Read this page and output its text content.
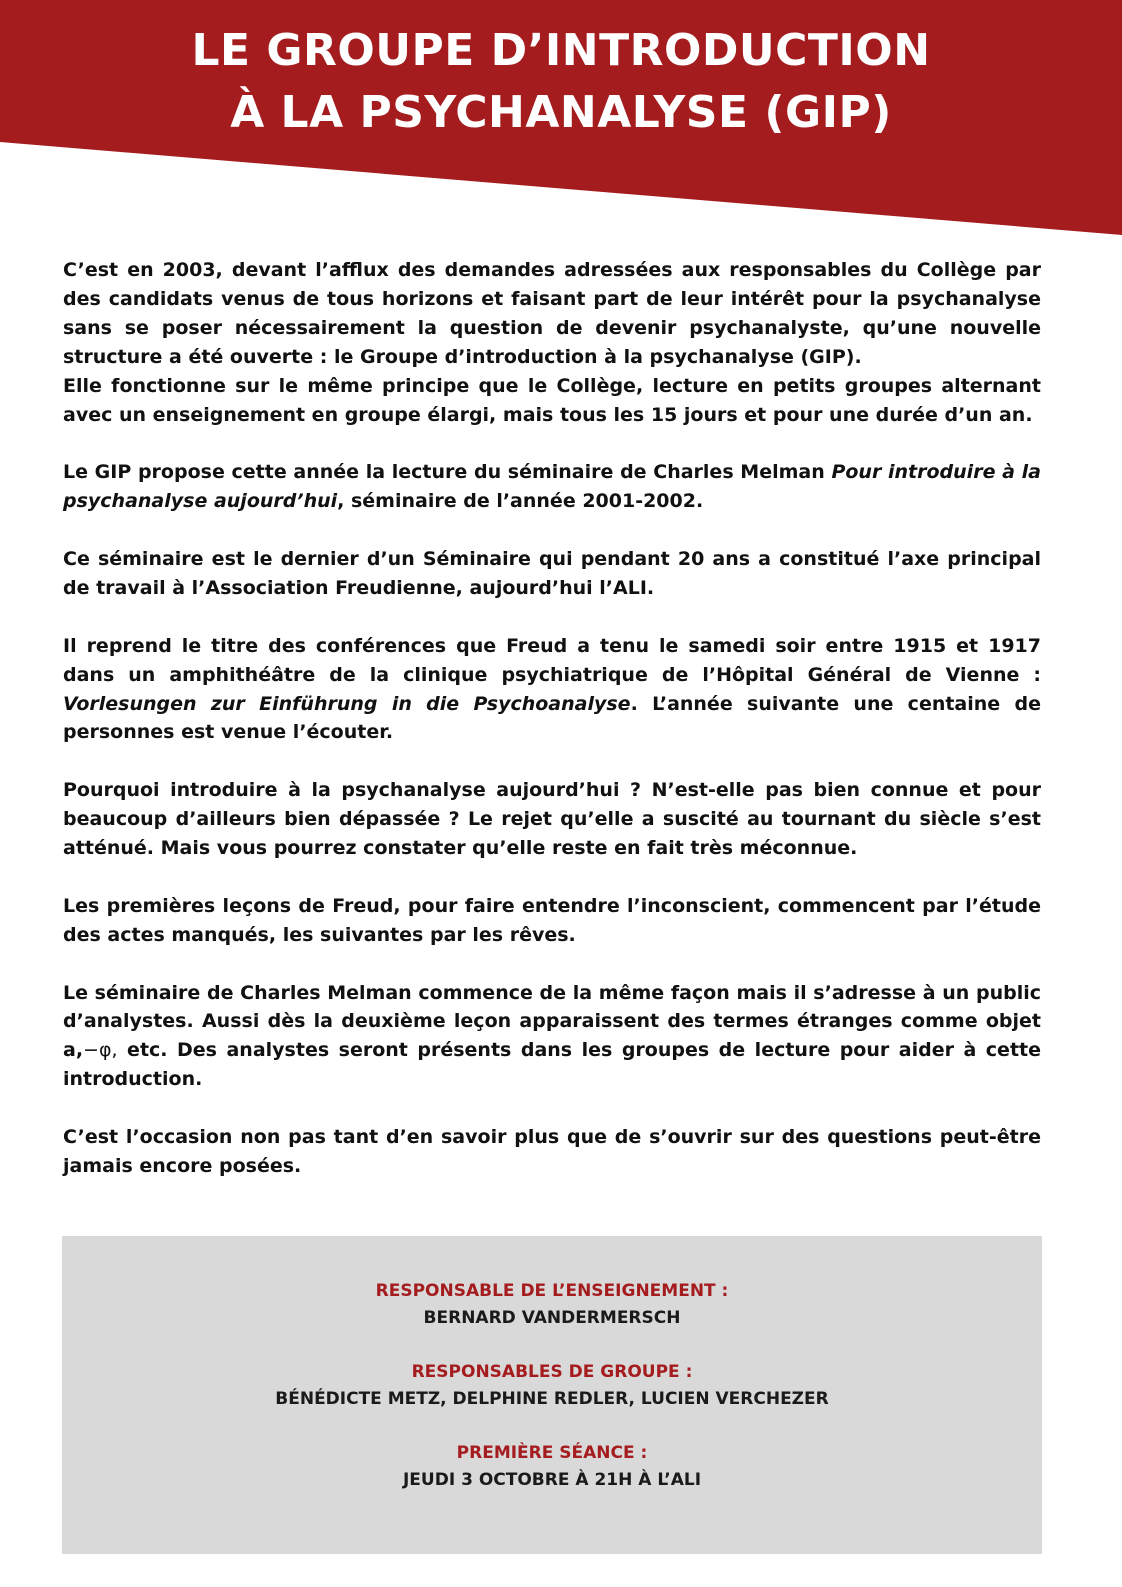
LE GROUPE D’INTRODUCTION
À LA PSYCHANALYSE (GIP)

C’est en 2003, devant l’afflux des demandes adressées aux responsables du Collège par des candidats venus de tous horizons et faisant part de leur intérêt pour la psychanalyse sans se poser nécessairement la question de devenir psychanalyste, qu’une nouvelle structure a été ouverte : le Groupe d’introduction à la psychanalyse (GIP).

Elle fonctionne sur le même principe que le Collège, lecture en petits groupes alternant avec un enseignement en groupe élargi, mais tous les 15 jours et pour une durée d’un an.

Le GIP propose cette année la lecture du séminaire de Charles Melman Pour introduire à la psychanalyse aujourd’hui, séminaire de l’année 2001-2002.

Ce séminaire est le dernier d’un Séminaire qui pendant 20 ans a constitué l’axe principal de travail à l’Association Freudienne, aujourd’hui l’ALI.

Il reprend le titre des conférences que Freud a tenu le samedi soir entre 1915 et 1917 dans un amphithéâtre de la clinique psychiatrique de l’Hôpital Général de Vienne : Vorlesungen zur Einführung in die Psychoanalyse. L’année suivante une centaine de personnes est venue l’écouter.

Pourquoi introduire à la psychanalyse aujourd’hui ? N’est-elle pas bien connue et pour beaucoup d’ailleurs bien dépassée ? Le rejet qu’elle a suscité au tournant du siècle s’est atténué. Mais vous pourrez constater qu’elle reste en fait très méconnue.

Les premières leçons de Freud, pour faire entendre l’inconscient, commencent par l’étude des actes manqués, les suivantes par les rêves.

Le séminaire de Charles Melman commence de la même façon mais il s’adresse à un public d’analystes. Aussi dès la deuxième leçon apparaissent des termes étranges comme objet a,−φ, etc. Des analystes seront présents dans les groupes de lecture pour aider à cette introduction.

C’est l’occasion non pas tant d’en savoir plus que de s’ouvrir sur des questions peut-être jamais encore posées.

RESPONSABLE DE L’ENSEIGNEMENT :
BERNARD VANDERMERSCH
RESPONSABLES DE GROUPE :
BÉNÉDICTE METZ, DELPHINE REDLER, LUCIEN VERCHEZER
PREMIÈRE SÉANCE :
JEUDI 3 OCTOBRE À 21H À L’ALI
